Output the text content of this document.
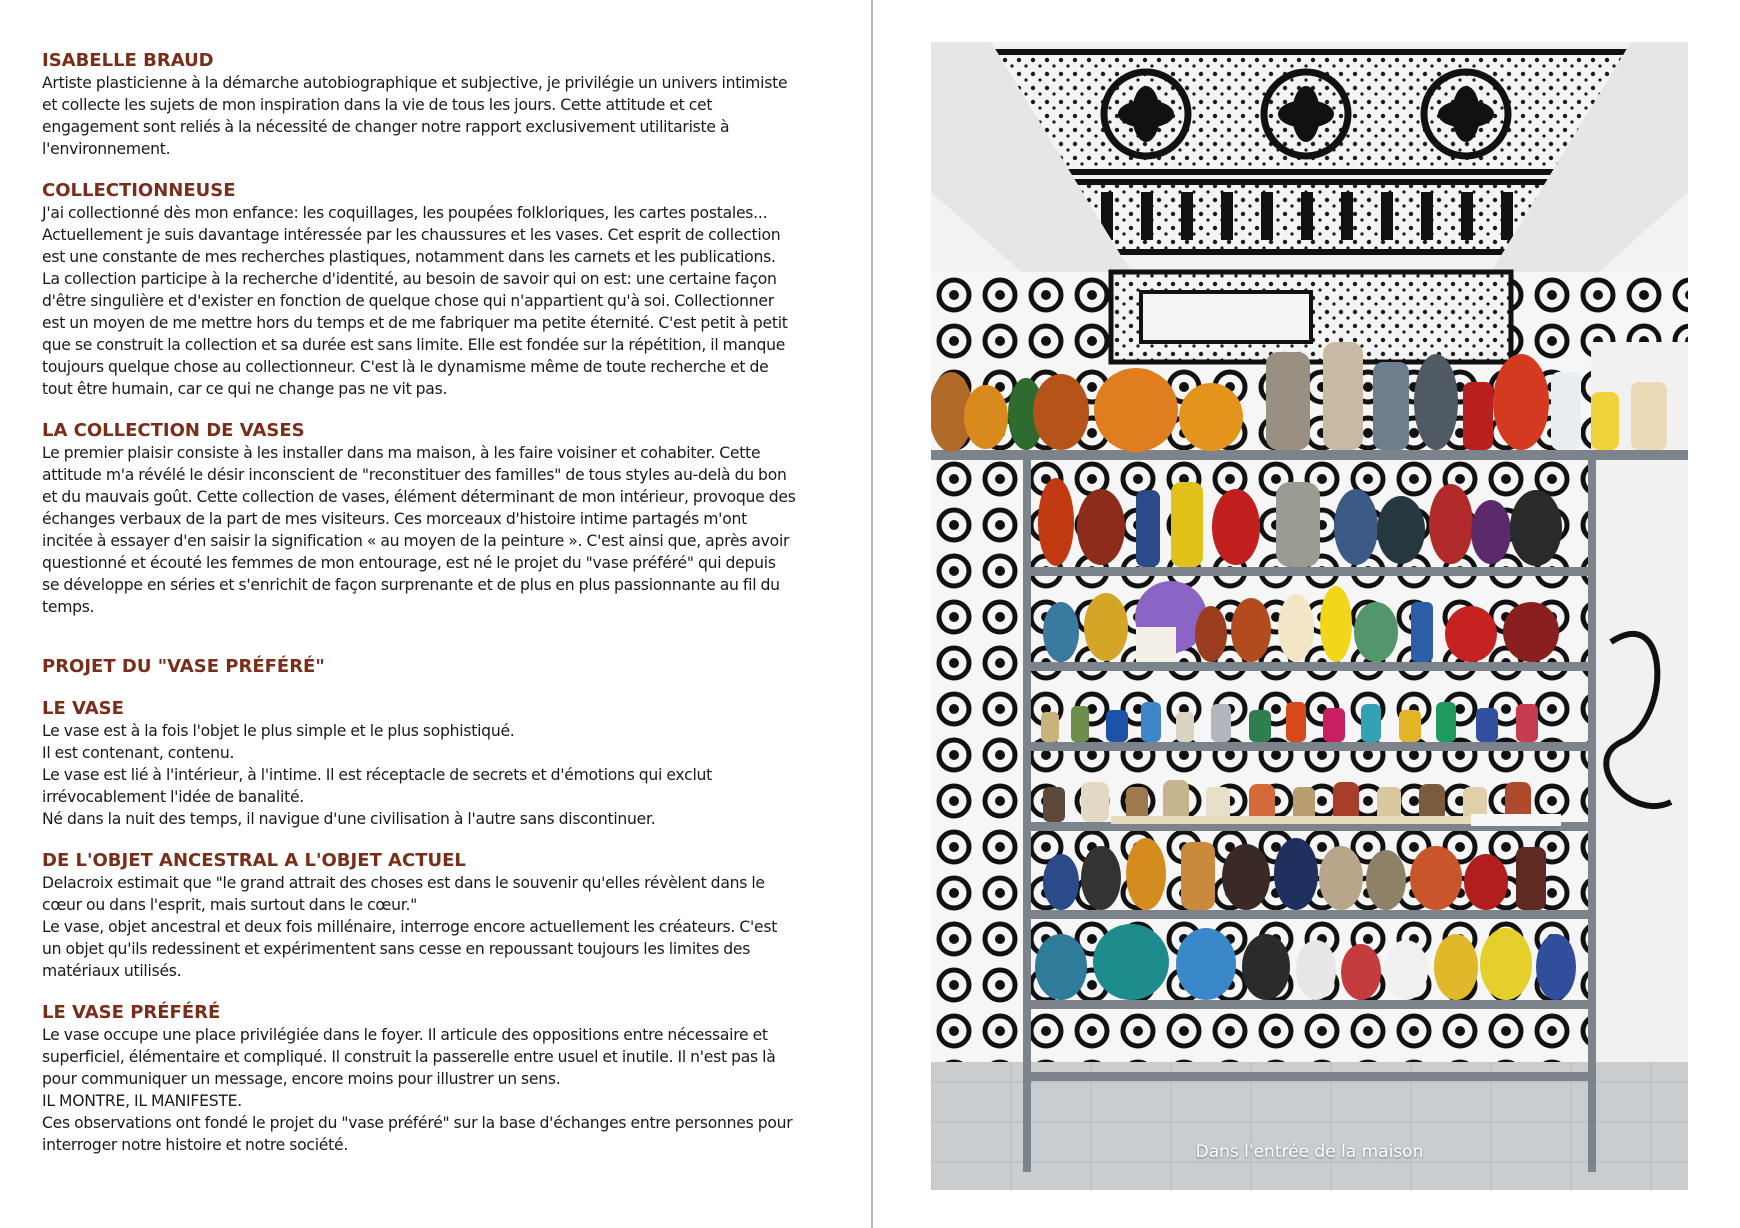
ISABELLE BRAUD

Artiste plasticienne à la démarche autobiographique et subjective, je privilégie un univers intimiste
et collecte les sujets de mon inspiration dans la vie de tous les jours. Cette attitude et cet
engagement sont reliés à la nécessité de changer notre rapport exclusivement utilitariste à
l'environnement.

COLLECTIONNEUSE

J'ai collectionné dès mon enfance: les coquillages, les poupées folkloriques, les cartes postales...
Actuellement je suis davantage intéressée par les chaussures et les vases. Cet esprit de collection
est une constante de mes recherches plastiques, notamment dans les carnets et les publications.
La collection participe à la recherche d'identité, au besoin de savoir qui on est: une certaine façon
d'être singulière et d'exister en fonction de quelque chose qui n'appartient qu'à soi. Collectionner
est un moyen de me mettre hors du temps et de me fabriquer ma petite éternité. C'est petit à petit
que se construit la collection et sa durée est sans limite. Elle est fondée sur la répétition, il manque
toujours quelque chose au collectionneur. C'est là le dynamisme même de toute recherche et de
tout être humain, car ce qui ne change pas ne vit pas.

LA COLLECTION DE VASES

Le premier plaisir consiste à les installer dans ma maison, à les faire voisiner et cohabiter. Cette
attitude m'a révélé le désir inconscient de "reconstituer des familles" de tous styles au-delà du bon
et du mauvais goût. Cette collection de vases, élément déterminant de mon intérieur, provoque des
échanges verbaux de la part de mes visiteurs. Ces morceaux d'histoire intime partagés m'ont
incitée à essayer d'en saisir la signification « au moyen de la peinture ». C'est ainsi que, après avoir
questionné et écouté les femmes de mon entourage, est né le projet du "vase préféré" qui depuis
se développe en séries et s'enrichit de façon surprenante et de plus en plus passionnante au fil du
temps.

PROJET DU "VASE PRÉFÉRÉ"
LE VASE

Le vase est à la fois l'objet le plus simple et le plus sophistiqué.
Il est contenant, contenu.
Le vase est lié à l'intérieur, à l'intime. Il est réceptacle de secrets et d'émotions qui exclut
irrévocablement l'idée de banalité.
Né dans la nuit des temps, il navigue d'une civilisation à l'autre sans discontinuer.

DE L'OBJET ANCESTRAL A L'OBJET ACTUEL

Delacroix estimait que "le grand attrait des choses est dans le souvenir qu'elles révèlent dans le
cœur ou dans l'esprit, mais surtout dans le cœur."
Le vase, objet ancestral et deux fois millénaire, interroge encore actuellement les créateurs. C'est
un objet qu'ils redessinent et expérimentent sans cesse en repoussant toujours les limites des
matériaux utilisés.

LE VASE PRÉFÉRÉ

Le vase occupe une place privilégiée dans le foyer. Il articule des oppositions entre nécessaire et
superficiel, élémentaire et compliqué. Il construit la passerelle entre usuel et inutile. Il n'est pas là
pour communiquer un message, encore moins pour illustrer un sens.
IL MONTRE, IL MANIFESTE.
Ces observations ont fondé le projet du "vase préféré" sur la base d'échanges entre personnes pour
interroger notre histoire et notre société.	Dans l'entrée de la maison
